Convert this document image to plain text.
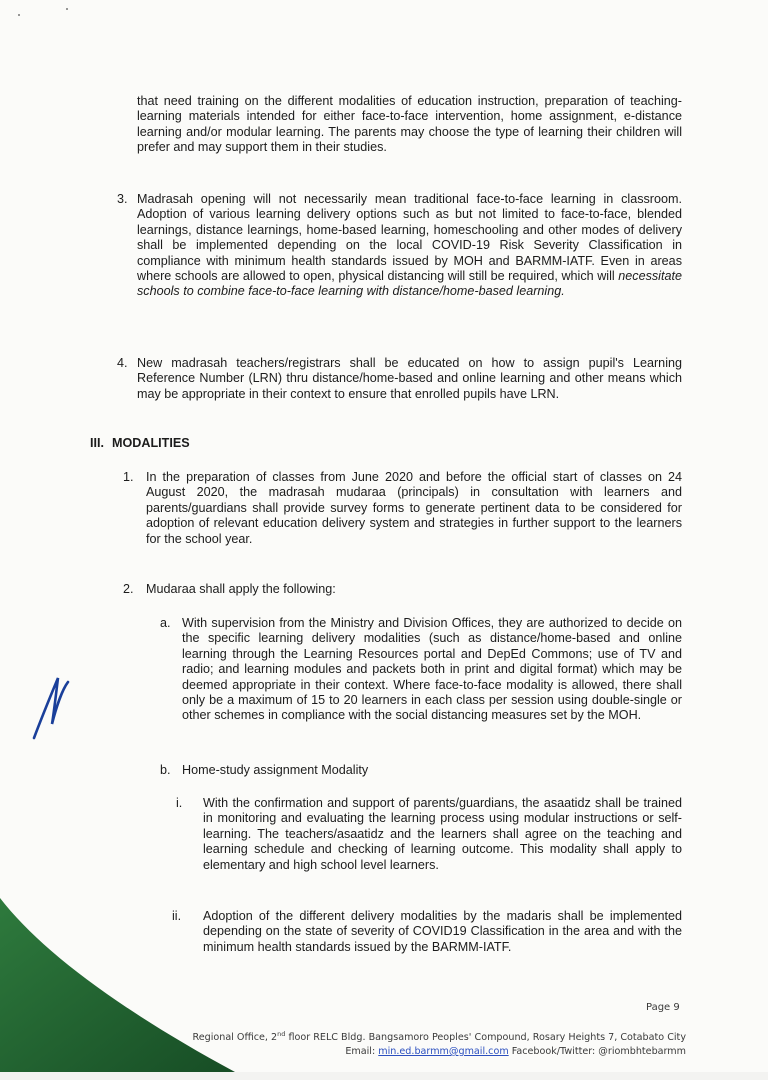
that need training on the different modalities of education instruction, preparation of teaching-learning materials intended for either face-to-face intervention, home assignment, e-distance learning and/or modular learning. The parents may choose the type of learning their children will prefer and may support them in their studies.

3. Madrasah opening will not necessarily mean traditional face-to-face learning in classroom. Adoption of various learning delivery options such as but not limited to face-to-face, blended learnings, distance learnings, home-based learning, homeschooling and other modes of delivery shall be implemented depending on the local COVID-19 Risk Severity Classification in compliance with minimum health standards issued by MOH and BARMM-IATF. Even in areas where schools are allowed to open, physical distancing will still be required, which will necessitate schools to combine face-to-face learning with distance/home-based learning.

4. New madrasah teachers/registrars shall be educated on how to assign pupil's Learning Reference Number (LRN) thru distance/home-based and online learning and other means which may be appropriate in their context to ensure that enrolled pupils have LRN.

III. MODALITIES
1. In the preparation of classes from June 2020 and before the official start of classes on 24 August 2020, the madrasah mudaraa (principals) in consultation with learners and parents/guardians shall provide survey forms to generate pertinent data to be considered for adoption of relevant education delivery system and strategies in further support to the learners for the school year.

2. Mudaraa shall apply the following:

a. With supervision from the Ministry and Division Offices, they are authorized to decide on the specific learning delivery modalities (such as distance/home-based and online learning through the Learning Resources portal and DepEd Commons; use of TV and radio; and learning modules and packets both in print and digital format) which may be deemed appropriate in their context. Where face-to-face modality is allowed, there shall only be a maximum of 15 to 20 learners in each class per session using double-single or other schemes in compliance with the social distancing measures set by the MOH.

b. Home-study assignment Modality

i. With the confirmation and support of parents/guardians, the asaatidz shall be trained in monitoring and evaluating the learning process using modular instructions or self-learning. The teachers/asaatidz and the learners shall agree on the teaching and learning schedule and checking of learning outcome. This modality shall apply to elementary and high school level learners.

ii. Adoption of the different delivery modalities by the madaris shall be implemented depending on the state of severity of COVID19 Classification in the area and with the minimum health standards issued by the BARMM-IATF.

Page 9
Regional Office, 2nd floor RELC Bldg. Bangsamoro Peoples' Compound, Rosary Heights 7, Cotabato City
Email: min.ed.barmm@gmail.com Facebook/Twitter: @riombhtebarmm
